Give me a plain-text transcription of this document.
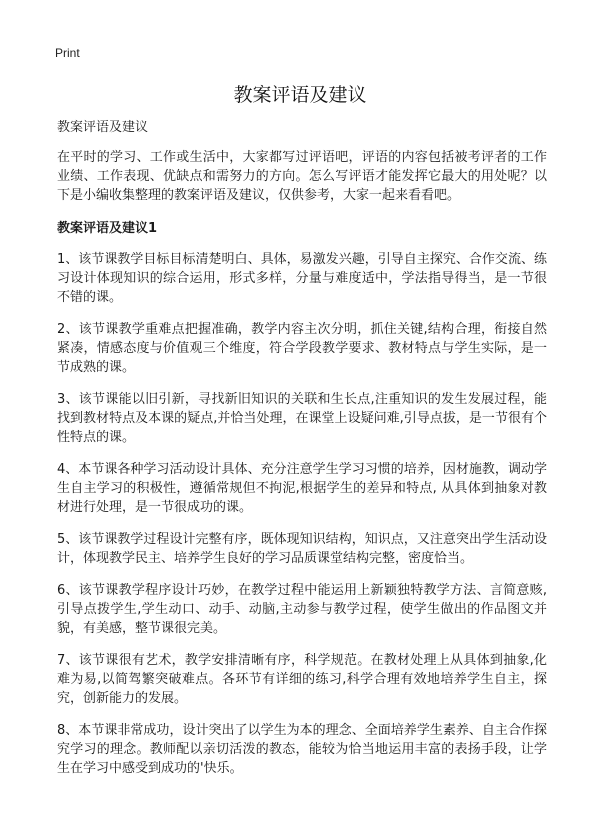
Print
教案评语及建议

教案评语及建议

在平时的学习、工作或生活中，大家都写过评语吧，评语的内容包括被考评者的工作业绩、工作表现、优缺点和需努力的方向。怎么写评语才能发挥它最大的用处呢？以下是小编收集整理的教案评语及建议，仅供参考，大家一起来看看吧。

教案评语及建议1

1、该节课教学目标目标清楚明白、具体，易激发兴趣，引导自主探究、合作交流、练习设计体现知识的综合运用，形式多样，分量与难度适中，学法指导得当，是一节很不错的课。

2、该节课教学重难点把握准确，教学内容主次分明，抓住关键,结构合理，衔接自然紧凑，情感态度与价值观三个维度，符合学段教学要求、教材特点与学生实际，是一节成熟的课。

3、该节课能以旧引新，寻找新旧知识的关联和生长点,注重知识的发生发展过程，能找到教材特点及本课的疑点,并恰当处理，在课堂上设疑问难,引导点拔，是一节很有个性特点的课。

4、本节课各种学习活动设计具体、充分注意学生学习习惯的培养，因材施教，调动学生自主学习的积极性，遵循常规但不拘泥,根据学生的差异和特点, 从具体到抽象对教材进行处理，是一节很成功的课。

5、该节课教学过程设计完整有序，既体现知识结构，知识点，又注意突出学生活动设计，体现教学民主、培养学生良好的学习品质课堂结构完整，密度恰当。

6、该节课教学程序设计巧妙，在教学过程中能运用上新颖独特教学方法、言简意赅, 引导点拨学生,学生动口、动手、动脑,主动参与教学过程，使学生做出的作品图文并貌，有美感，整节课很完美。

7、该节课很有艺术，教学安排清晰有序，科学规范。在教材处理上从具体到抽象,化难为易,以简驾繁突破难点。各环节有详细的练习,科学合理有效地培养学生自主，探究，创新能力的发展。

8、本节课非常成功，设计突出了以学生为本的理念、全面培养学生素养、自主合作探究学习的理念。教师配以亲切活泼的教态，能较为恰当地运用丰富的表扬手段，让学生在学习中感受到成功的'快乐。
